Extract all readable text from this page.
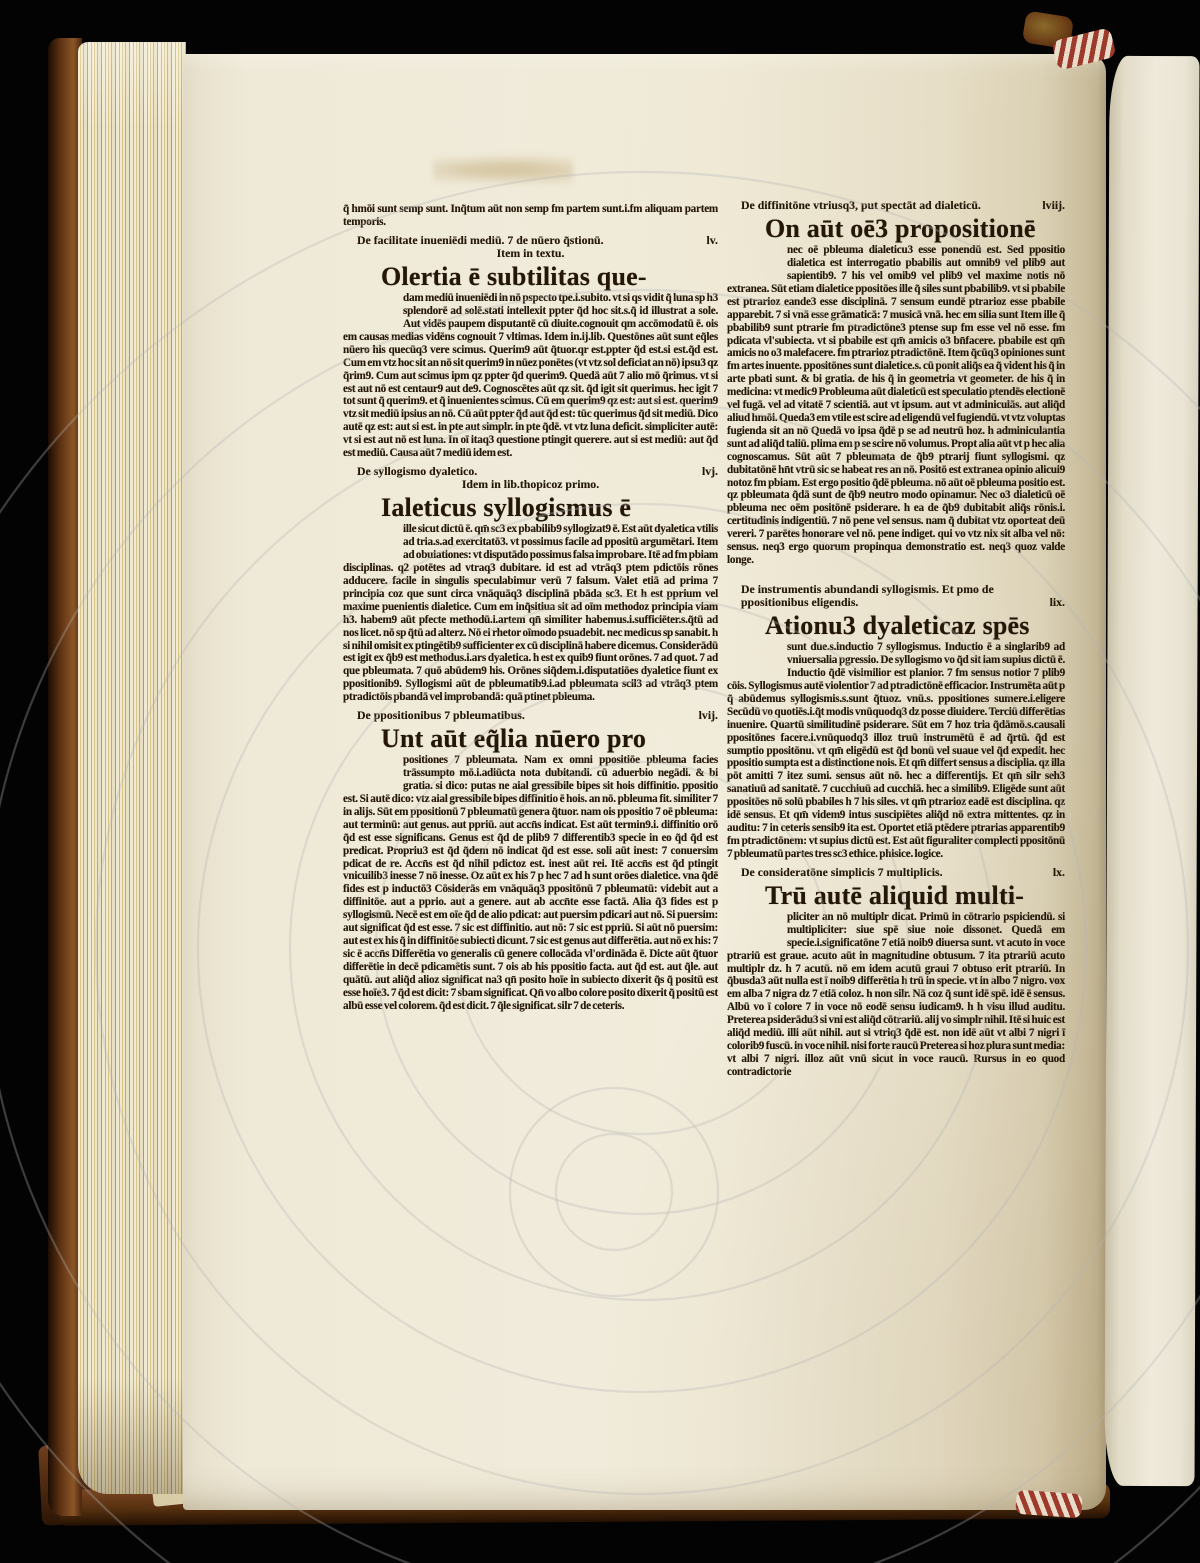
q̃ hmōi sunt semp sunt. Inq̃tum aūt non semp fm partem sunt.i.fm aliquam partem temporis.
De facilitate inueniēdi mediū. 7 de nūero q̃stionū.	lv.
Item in textu.
Olertia ē subtilitas que-
dam mediū inueniēdi in nō pspecto tpe.i.subito. vt si qs vidit q̃ luna sp h3 splendorē ad solē.stati intellexit ppter q̃d hoc sit.s.q̃ id illustrat a sole. Aut vidēs paupem disputantē cū diuite.cognouit qm accōmodatū ē. ois em causas medias vidēns cognouit 7 vltimas. Idem in.ij.lib. Questōnes aūt sunt eq̃les nūero his quecūq3 vere scimus. Querim9 aūt q̃tuor.qr est.ppter q̃d est.si est.q̃d est. Cum em vtz hoc sit an nō sit querim9 in nūez ponētes (vt vtz sol deficiat an nō) ipsu3 qz q̃rim9. Cum aut scimus ipm qz ppter q̃d querim9. Quedā aūt 7 alio mō q̃rimus. vt si est aut nō est centaur9 aut de9. Cognoscētes aūt qz sit. q̃d igit sit querimus. hec igit 7 tot sunt q̃ querim9. et q̃ inuenientes scimus. Cū em querim9 qz est: aut si est. querim9 vtz sit mediū ipsius an nō. Cū aūt ppter q̃d aut q̃d est: tūc querimus q̃d sit mediū. Dico autē qz est: aut si est. in pte aut simplr. in pte q̃dē. vt vtz luna deficit. simpliciter autē: vt si est aut nō est luna. In oī itaq3 questione ptingit querere. aut si est mediū: aut q̃d est mediū. Causa aūt 7 mediū idem est.
De syllogismo dyaletico.	lvj.
Idem in lib.thopicoz primo.
Ialeticus syllogismus ē
ille sicut dictū ē. qm̄ sc3 ex pbabilib9 syllogizat9 ē. Est aūt dyaletica vtilis ad tria.s.ad exercitatō3. vt possimus facile ad ppositū argumētari. Item ad obuiationes: vt disputādo possimus falsa improbare. Itē ad fm pbiam disciplinas. q2 potētes ad vtraq3 dubitare. id est ad vtrāq3 ptem pdictōis rōnes adducere. facile in singulis speculabimur verū 7 falsum. Valet etiā ad prima 7 principia coz que sunt circa vnāquāq3 disciplinā pbāda sc3. Et h est pprium vel maxime puenientis dialetice. Cum em inq̃sitiua sit ad oīm methodoz principia viam h3. habem9 aūt pfecte methodū.i.artem qn̄ similiter habemus.i.sufficiēter.s.q̃tū ad nos licet. nō sp q̃tū ad alterz. Nō ei rhetor oīmodo psuadebit. nec medicus sp sanabit. h si nihil omisit ex ptingētib9 sufficienter ex cū disciplinā habere dicemus. Considerādū est igit ex q̃b9 est methodus.i.ars dyaletica. h est ex quib9 fiunt orōnes. 7 ad quot. 7 ad que pbleumata. 7 quō abūdem9 his. Orōnes siq̃dem.i.disputatiōes dyaletice fiunt ex ppositionib9. Syllogismi aūt de pbleumatib9.i.ad pbleumata scil3 ad vtrāq3 ptem ptradictōis pbandā vel improbandā: quā ptinet pbleuma.
De ppositionibus 7 pbleumatibus.	lvij.
Unt aūt eq̃lia nūero pro
positiones 7 pbleumata. Nam ex omni ppositiōe pbleuma facies trāssumpto mō.i.adiūcta nota dubitandi. cū aduerbio negādi. & bi gratia. si dico: putas ne aial gressibile bipes sit hois diffinitio. ppositio est. Si autē dico: vtz aial gressibile bipes diffinitio ē hois. an nō. pbleuma fit. similiter 7 in alijs. Sūt em ppositionū 7 pbleumatū genera q̃tuor. nam ois ppositio 7 oē pbleuma: aut terminū: aut genus. aut ppriū. aut accn̄s indicat. Est aūt termin9.i. diffinitio orō q̃d est esse significans. Genus est q̃d de plib9 7 differentib3 specie in eo q̃d q̃d est predicat. Propriu3 est q̃d q̃dem nō indicat q̃d est esse. soli aūt inest: 7 conuersim pdicat de re. Accn̄s est q̃d nihil pdictoz est. inest aūt rei. Itē accn̄s est q̃d ptingit vnicuilib3 inesse 7 nō inesse. Oz aūt ex his 7 p hec 7 ad h sunt orōes dialetice. vna q̃dē fides est p inductō3 Cōsiderās em vnāquāq3 ppositōnū 7 pbleumatū: videbit aut a diffinitōe. aut a pprio. aut a genere. aut ab accn̄te esse factā. Alia q̃3 fides est p syllogismū. Necē est em oīe q̃d de alio pdicat: aut puersim pdicari aut nō. Si puersim: aut significat q̃d est esse. 7 sic est diffinitio. aut nō: 7 sic est ppriū. Si aūt nō puersim: aut est ex his q̃ in diffinitōe subiecti dicunt. 7 sic est genus aut differētia. aut nō ex his: 7 sic ē accn̄s Differētia vo generalis cū genere collocāda vl'ordināda ē. Dicte aūt q̃tuor differētie in decē pdicamētis sunt. 7 ois ab his ppositio facta. aut q̃d est. aut q̃le. aut quātū. aut aliq̃d alioz significat na3 qn̄ posito hoīe in subiecto dixerit q̃s q̃ positū est esse hoīe3. 7 q̃d est dicit: 7 sbam significat. Qn̄ vo albo colore posito dixerit q̃ positū est albū esse vel colorem. q̃d est dicit. 7 q̃le significat. silr 7 de ceteris.
De diffinitōne vtriusq3, put spectāt ad dialeticū.	lviij.
On aūt oē3 propositionē
nec oē pbleuma dialeticu3 esse ponendū est. Sed ppositio dialetica est interrogatio pbabilis aut omnib9 vel plib9 aut sapientib9. 7 his vel omib9 vel plib9 vel maxime notis nō extranea. Sūt etiam dialetice ppositōes ille q̃ siles sunt pbabilib9. vt si pbabile est ptrarioz eande3 esse disciplinā. 7 sensum eundē ptrarioz esse pbabile apparebit. 7 si vnā esse grāmaticā: 7 musicā vnā. hec em silia sunt Item ille q̃ pbabilib9 sunt ptrarie fm ptradictōne3 ptense sup fm esse vel nō esse. fm pdicata vl'subiecta. vt si pbabile est qm̄ amicis o3 bn̄facere. pbabile est qm̄ amicis no o3 malefacere. fm ptrarioz ptradictōnē. Item q̃cūq3 opiniones sunt fm artes inuente. ppositōnes sunt dialetice.s. cū ponit aliq̃s ea q̃ vident his q̃ in arte pbati sunt. & bi gratia. de his q̃ in geometria vt geometer. de his q̃ in medicina: vt medic9 Probleuma aūt dialeticū est speculatio ptendēs electionē vel fugā. vel ad vitatē 7 scientiā. aut vt ipsum. aut vt adminiculās. aut aliq̃d aliud hmōi. Queda3 em vtile est scire ad eligendū vel fugiendū. vt vtz voluptas fugienda sit an nō Quedā vo ipsa q̃dē p se ad neutrū hoz. h adminiculantia sunt ad aliq̃d taliū. plima em p se scire nō volumus. Propt alia aūt vt p hec alia cognoscamus. Sūt aūt 7 pbleumata de q̃b9 ptrarij fiunt syllogismi. qz dubitatōnē hn̄t vtrū sic se habeat res an nō. Positō est extranea opinio alicui9 notoz fm pbiam. Est ergo positio q̃dē pbleuma. nō aūt oē pbleuma positio est. qz pbleumata q̃dā sunt de q̃b9 neutro modo opinamur. Nec o3 dialeticū oē pbleuma nec oēm positōnē psiderare. h ea de q̃b9 dubitabit aliq̃s rōnis.i. certitudinis indigentiū. 7 nō pene vel sensus. nam q̃ dubitat vtz oporteat deū vereri. 7 parētes honorare vel nō. pene indiget. qui vo vtz nix sit alba vel nō: sensus. neq3 ergo quorum propinqua demonstratio est. neq3 quoz valde longe.
De instrumentis abundandi syllogismis. Et pmo de ppositionibus eligendis.	lix.
Ationu3 dyaleticaz spēs
sunt due.s.inductio 7 syllogismus. Inductio ē a singlarib9 ad vniuersalia pgressio. De syllogismo vo q̃d sit iam supius dictū ē. Inductio q̃dē visimilior est planior. 7 fm sensus notior 7 plib9 cōis. Syllogismus autē violentior 7 ad ptradictōnē efficacior. Instrumēta aūt p q̃ abūdemus syllogismis.s.sunt q̃tuoz. vnū.s. ppositiones sumere.i.eligere Secūdū vo quotiēs.i.q̃t modis vnūquodq3 dz posse diuidere. Terciū differētias inuenire. Quartū similitudinē psiderare. Sūt em 7 hoz tria q̃dāmō.s.causali ppositōnes facere.i.vnūquodq3 illoz truū instrumētū ē ad q̃rtū. q̃d est sumptio ppositōnu. vt qm̄ eligēdū est q̃d bonū vel suaue vel q̃d expedit. hec ppositio sumpta est a distinctione nois. Et qm̄ differt sensus a disciplia. qz illa pōt amitti 7 itez sumi. sensus aūt nō. hec a differentijs. Et qm̄ silr seh3 sanatiuū ad sanitatē. 7 cucchiuū ad cucchiā. hec a similib9. Eligēde sunt aūt ppositōes nō solū pbabiles h 7 his siles. vt qm̄ ptrarioz eadē est disciplina. qz idē sensus. Et qm̄ videm9 intus suscipiētes aliq̃d nō extra mittentes. qz in auditu: 7 in ceteris sensib9 ita est. Oportet etiā ptēdere ptrarias apparentib9 fm ptradictōnem: vt supius dictū est. Est aūt figuraliter complecti ppositōnū 7 pbleumatū partes tres sc3 ethice. phisice. logice.
De consideratōne simplicis 7 multiplicis.	lx.
Trū autē aliquid multi-
pliciter an nō multiplr dicat. Primū in cōtrario pspiciendū. si multipliciter: siue spē siue noie dissonet. Quedā em specie.i.significatōne 7 etiā noib9 diuersa sunt. vt acuto in voce ptrariū est graue. acuto aūt in magnitudine obtusum. 7 ita ptrariū acuto multiplr dz. h 7 acutū. nō em idem acutū graui 7 obtuso erit ptrariū. In q̃busda3 aūt nulla est ī noib9 differētia h trū in specie. vt in albo 7 nigro. vox em alba 7 nigra dz 7 etiā coloz. h non silr. Nā coz q̃ sunt idē spē. idē ē sensus. Albū vo ī colore 7 in voce nō eodē sensu iudicam9. h h visu illud auditu. Preterea psiderādu3 si vni est aliq̃d cōtrariū. alij vo simplr nihil. Itē si huic est aliq̃d mediū. illi aūt nihil. aut si vtriq3 q̃dē est. non idē aūt vt albi 7 nigri ī colorib9 fuscū. in voce nihil. nisi forte raucū Preterea si hoz plura sunt media: vt albi 7 nigri. illoz aūt vnū sicut in voce raucū. Rursus in eo quod contradictorie
